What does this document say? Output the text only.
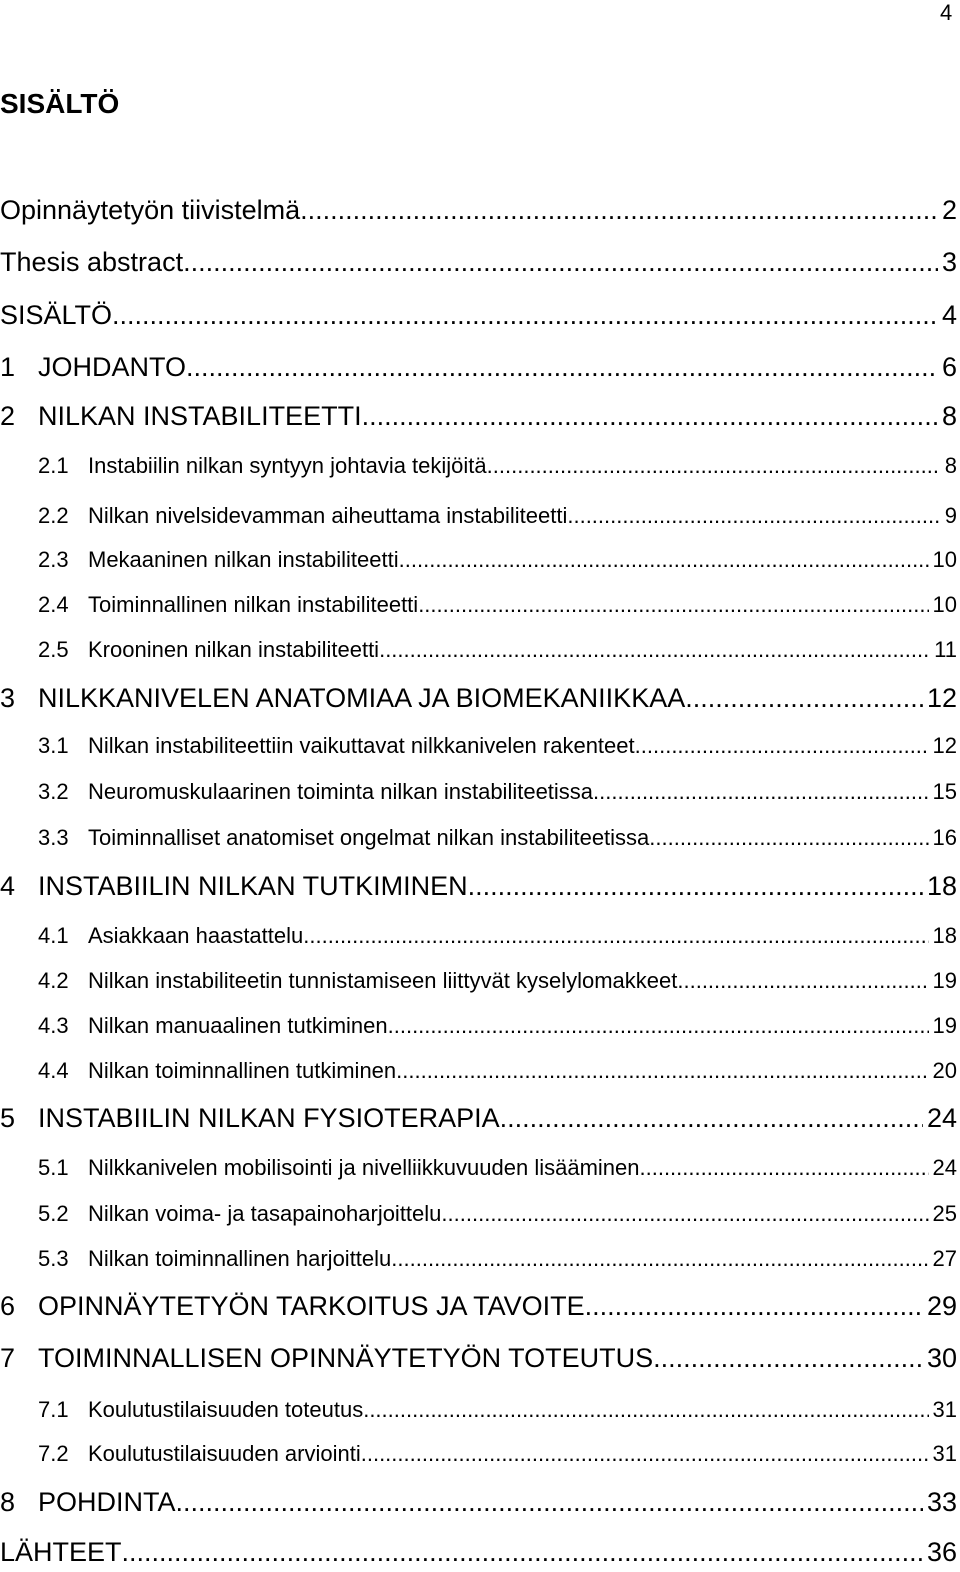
4
SISÄLTÖ
Opinnäytetyön tiivistelmä .....	2
Thesis abstract .....	3
SISÄLTÖ .....	4
1 JOHDANTO .....	6
2 NILKAN INSTABILITEETTI .....	8
2.1 Instabiilin nilkan syntyyn johtavia tekijöitä .....	8
2.2 Nilkan nivelsidevamman aiheuttama instabiliteetti .....	9
2.3 Mekaaninen nilkan instabiliteetti .....	10
2.4 Toiminnallinen nilkan instabiliteetti .....	10
2.5 Krooninen nilkan instabiliteetti .....	11
3 NILKKANIVELEN ANATOMIAA JA BIOMEKANIIKKAA .....	12
3.1 Nilkan instabiliteettiin vaikuttavat nilkkanivelen rakenteet .....	12
3.2 Neuromuskulaarinen toiminta nilkan instabiliteetissa .....	15
3.3 Toiminnalliset anatomiset ongelmat nilkan instabiliteetissa .....	16
4 INSTABIILIN NILKAN TUTKIMINEN .....	18
4.1 Asiakkaan haastattelu .....	18
4.2 Nilkan instabiliteetin tunnistamiseen liittyvät kyselylomakkeet .....	19
4.3 Nilkan manuaalinen tutkiminen .....	19
4.4 Nilkan toiminnallinen tutkiminen .....	20
5 INSTABIILIN NILKAN FYSIOTERAPIA .....	24
5.1 Nilkkanivelen mobilisointi ja nivelliikkuvuuden lisääminen .....	24
5.2 Nilkan voima- ja tasapainoharjoittelu .....	25
5.3 Nilkan toiminnallinen harjoittelu .....	27
6 OPINNÄYTETYÖN TARKOITUS JA TAVOITE .....	29
7 TOIMINNALLISEN OPINNÄYTETYÖN TOTEUTUS .....	30
7.1 Koulutustilaisuuden toteutus .....	31
7.2 Koulutustilaisuuden arviointi .....	31
8 POHDINTA .....	33
LÄHTEET .....	36
